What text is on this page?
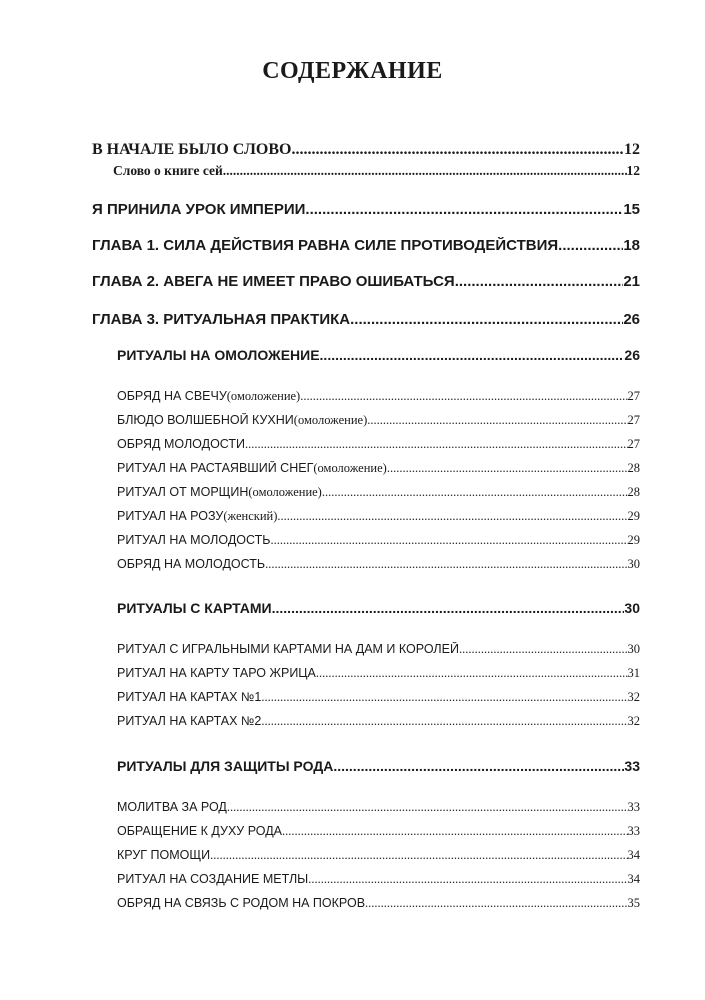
СОДЕРЖАНИЕ
В НАЧАЛЕ БЫЛО СЛОВО .....	12
Слово о книге сей .....	12
Я ПРИНИЛА УРОК ИМПЕРИИ .....	15
ГЛАВА 1. СИЛА ДЕЙСТВИЯ РАВНА СИЛЕ ПРОТИВОДЕЙСТВИЯ .....	18
ГЛАВА 2. АВЕГА НЕ ИМЕЕТ ПРАВО ОШИБАТЬСЯ .....	21
ГЛАВА 3. РИТУАЛЬНАЯ ПРАКТИКА .....	26
РИТУАЛЫ НА ОМОЛОЖЕНИЕ .....	26
ОБРЯД НА СВЕЧУ (омоложение) .....	27
БЛЮДО ВОЛШЕБНОЙ КУХНИ (омоложение) .....	27
ОБРЯД МОЛОДОСТИ .....	27
РИТУАЛ НА РАСТАЯВШИЙ СНЕГ (омоложение) .....	28
РИТУАЛ ОТ МОРЩИН (омоложение) .....	28
РИТУАЛ НА РОЗУ (женский) .....	29
РИТУАЛ НА МОЛОДОСТЬ .....	29
ОБРЯД НА МОЛОДОСТЬ .....	30
РИТУАЛЫ С КАРТАМИ .....	30
РИТУАЛ С ИГРАЛЬНЫМИ КАРТАМИ НА ДАМ И КОРОЛЕЙ .....	30
РИТУАЛ НА КАРТУ ТАРО ЖРИЦА .....	31
РИТУАЛ НА КАРТАХ №1 .....	32
РИТУАЛ НА КАРТАХ №2 .....	32
РИТУАЛЫ ДЛЯ ЗАЩИТЫ РОДА .....	33
МОЛИТВА ЗА РОД .....	33
ОБРАЩЕНИЕ К ДУХУ РОДА .....	33
КРУГ ПОМОЩИ .....	34
РИТУАЛ НА СОЗДАНИЕ МЕТЛЫ .....	34
ОБРЯД НА СВЯЗЬ С РОДОМ НА ПОКРОВ .....	35
